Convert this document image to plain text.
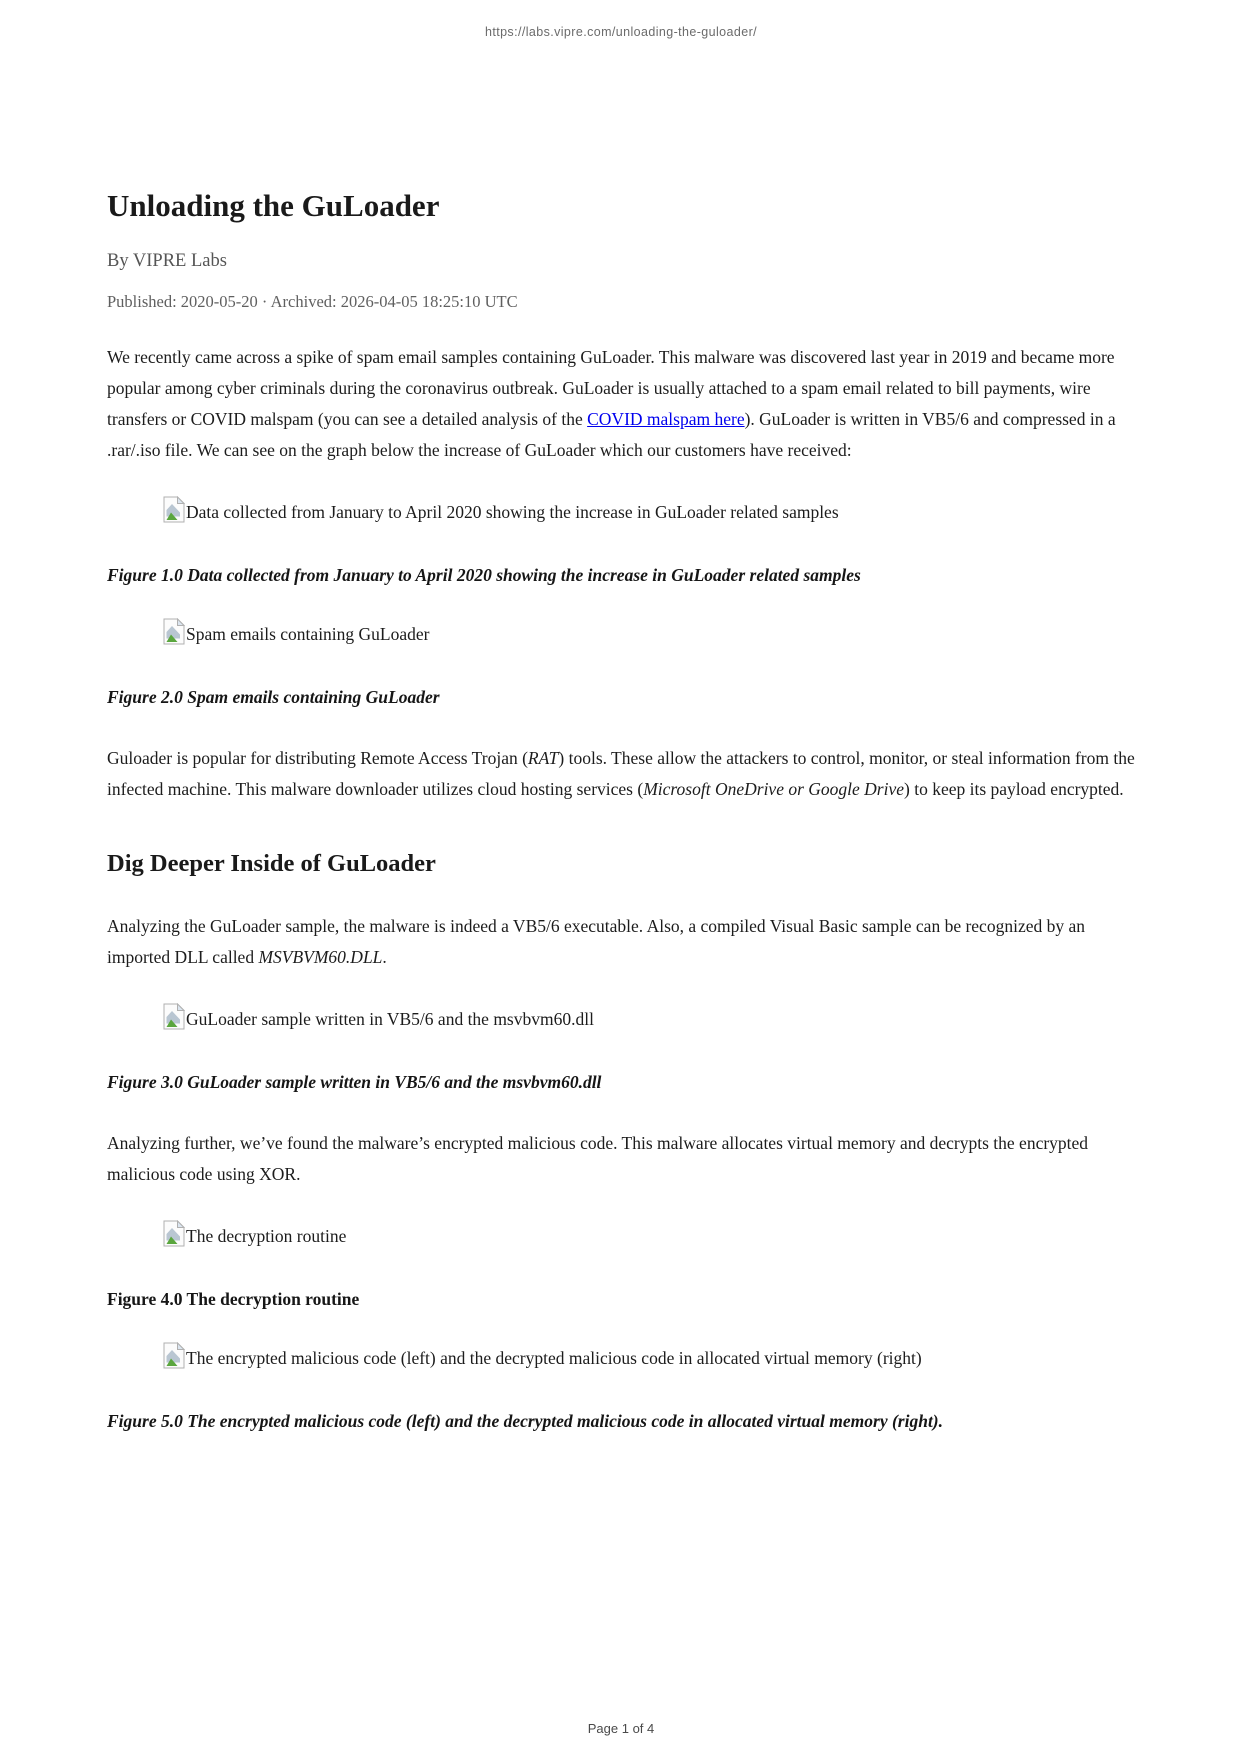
https://labs.vipre.com/unloading-the-guloader/
Unloading the GuLoader
By VIPRE Labs
Published: 2020-05-20 · Archived: 2026-04-05 18:25:10 UTC

We recently came across a spike of spam email samples containing GuLoader. This malware was discovered last year in 2019 and became more popular among cyber criminals during the coronavirus outbreak. GuLoader is usually attached to a spam email related to bill payments, wire transfers or COVID malspam (you can see a detailed analysis of the COVID malspam here). GuLoader is written in VB5/6 and compressed in a .rar/.iso file. We can see on the graph below the increase of GuLoader which our customers have received:

Data collected from January to April 2020 showing the increase in GuLoader related samples
Figure 1.0 Data collected from January to April 2020 showing the increase in GuLoader related samples
Spam emails containing GuLoader
Figure 2.0 Spam emails containing GuLoader

Guloader is popular for distributing Remote Access Trojan (RAT) tools. These allow the attackers to control, monitor, or steal information from the infected machine. This malware downloader utilizes cloud hosting services (Microsoft OneDrive or Google Drive) to keep its payload encrypted.

Dig Deeper Inside of GuLoader

Analyzing the GuLoader sample, the malware is indeed a VB5/6 executable. Also, a compiled Visual Basic sample can be recognized by an imported DLL called MSVBVM60.DLL.

GuLoader sample written in VB5/6 and the msvbvm60.dll
Figure 3.0 GuLoader sample written in VB5/6 and the msvbvm60.dll

Analyzing further, we’ve found the malware’s encrypted malicious code. This malware allocates virtual memory and decrypts the encrypted malicious code using XOR.

The decryption routine
Figure 4.0 The decryption routine
The encrypted malicious code (left) and the decrypted malicious code in allocated virtual memory (right)
Figure 5.0 The encrypted malicious code (left) and the decrypted malicious code in allocated virtual memory (right).
Page 1 of 4
